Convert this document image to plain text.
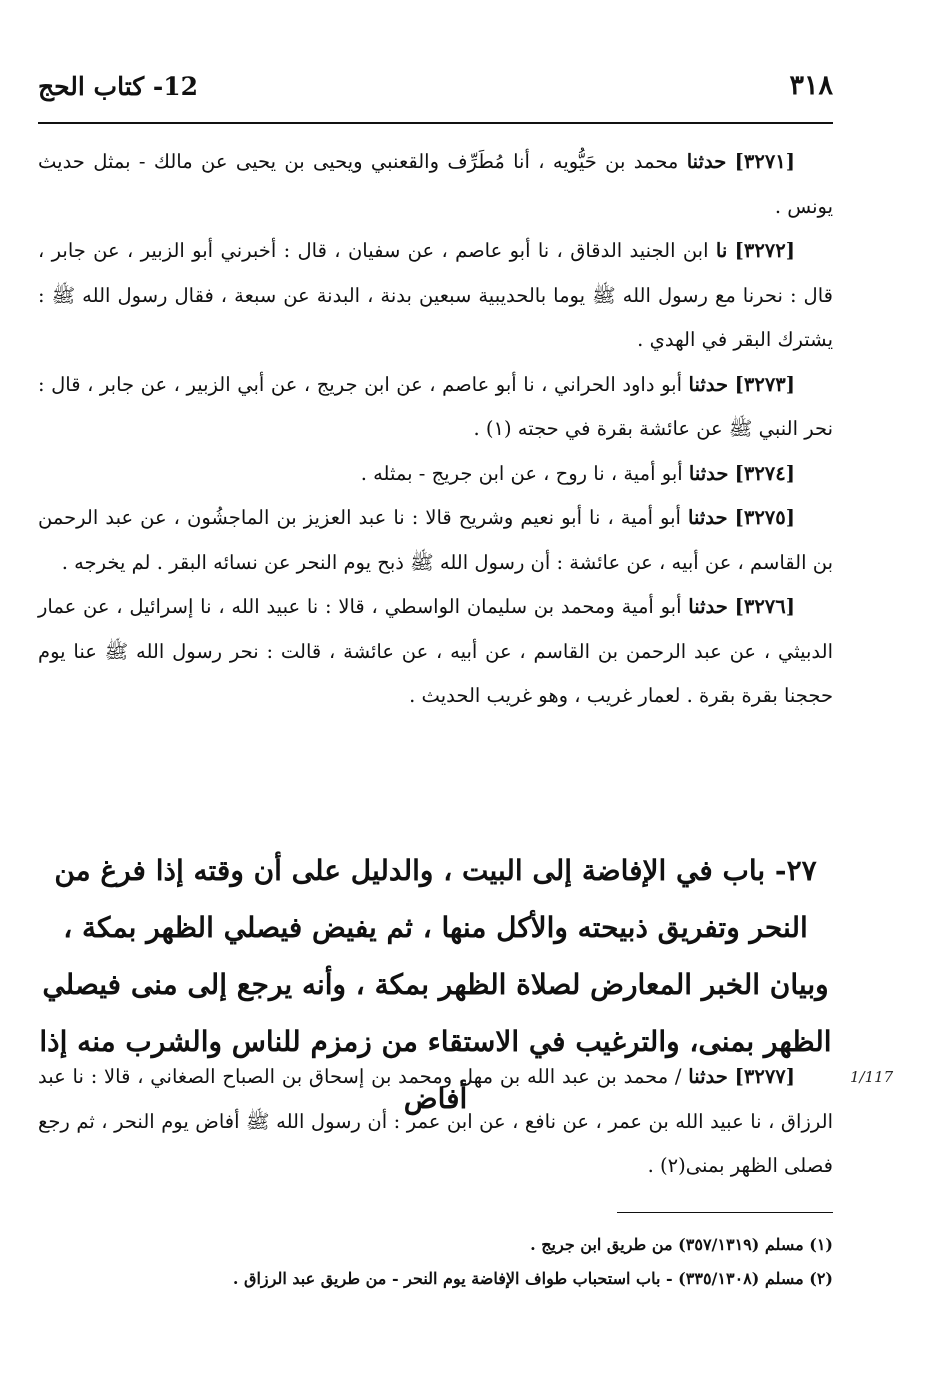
٣١٨
12- كتاب الحج

[٣٢٧١] حدثنا محمد بن حَيُّويه ، أنا مُطَرِّف والقعنبي ويحيى بن يحيى عن مالك - بمثل حديث يونس .

[٣٢٧٢] نا ابن الجنيد الدقاق ، نا أبو عاصم ، عن سفيان ، قال : أخبرني أبو الزبير ، عن جابر ، قال : نحرنا مع رسول الله ﷺ يوما بالحديبية سبعين بدنة ، البدنة عن سبعة ، فقال رسول الله ﷺ : يشترك البقر في الهدي .

[٣٢٧٣] حدثنا أبو داود الحراني ، نا أبو عاصم ، عن ابن جريج ، عن أبي الزبير ، عن جابر ، قال : نحر النبي ﷺ عن عائشة بقرة في حجته (١) .

[٣٢٧٤] حدثنا أبو أمية ، نا روح ، عن ابن جريج - بمثله .

[٣٢٧٥] حدثنا أبو أمية ، نا أبو نعيم وشريح قالا : نا عبد العزيز بن الماجشُون ، عن عبد الرحمن بن القاسم ، عن أبيه ، عن عائشة : أن رسول الله ﷺ ذبح يوم النحر عن نسائه البقر . لم يخرجه .

[٣٢٧٦] حدثنا أبو أمية ومحمد بن سليمان الواسطي ، قالا : نا عبيد الله ، نا إسرائيل ، عن عمار الدبيثي ، عن عبد الرحمن بن القاسم ، عن أبيه ، عن عائشة ، قالت : نحر رسول الله ﷺ عنا يوم حججنا بقرة بقرة . لعمار غريب ، وهو غريب الحديث .

٢٧- باب في الإفاضة إلى البيت ، والدليل على أن وقته إذا فرغ من النحر وتفريق ذبيحته والأكل منها ، ثم يفيض فيصلي الظهر بمكة ، وبيان الخبر المعارض لصلاة الظهر بمكة ، وأنه يرجع إلى منى فيصلي الظهر بمنى، والترغيب في الاستقاء من زمزم للناس والشرب منه إذا أفاض
1/117

[٣٢٧٧] حدثنا / محمد بن عبد الله بن مهل ومحمد بن إسحاق بن الصباح الصغاني ، قالا : نا عبد الرزاق ، نا عبيد الله بن عمر ، عن نافع ، عن ابن عمر : أن رسول الله ﷺ أفاض يوم النحر ، ثم رجع فصلى الظهر بمنى(٢) .

(١) مسلم (٣٥٧/١٣١٩) من طريق ابن جريج .

(٢) مسلم (٣٣٥/١٣٠٨) - باب استحباب طواف الإفاضة يوم النحر - من طريق عبد الرزاق .
